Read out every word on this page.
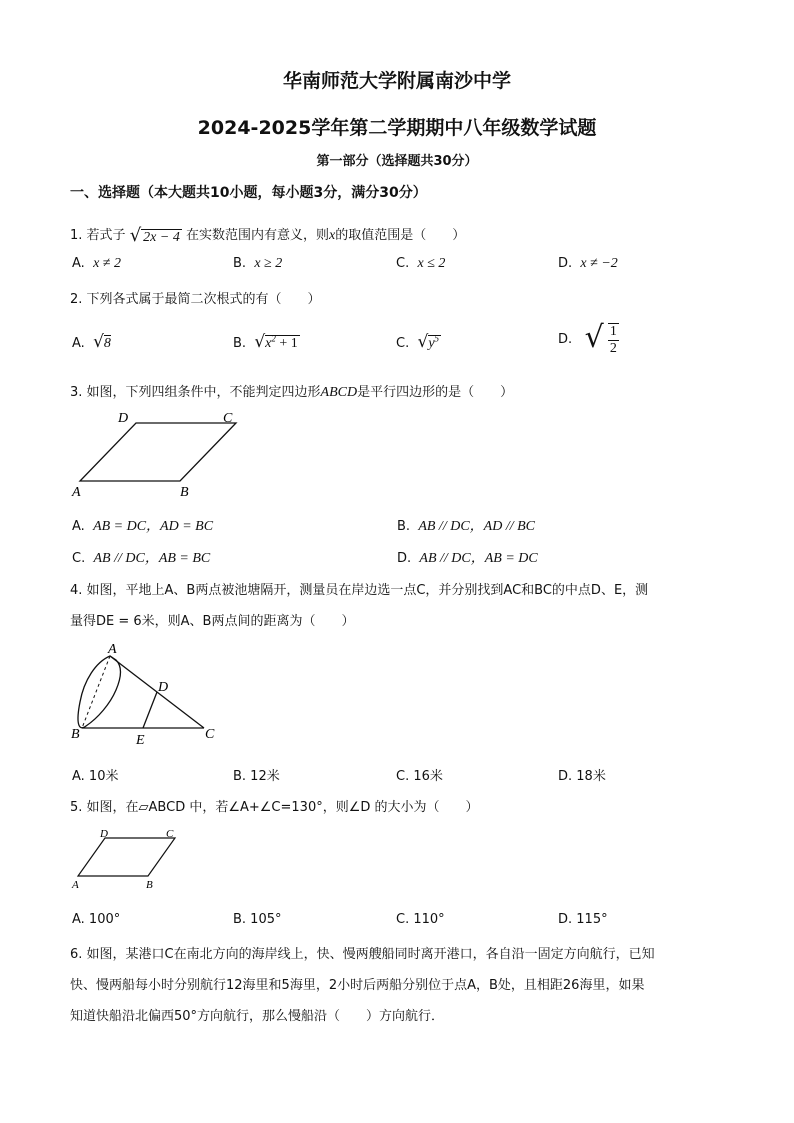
华南师范大学附属南沙中学
2024-2025学年第二学期期中八年级数学试题
第一部分（选择题共30分）
一、选择题（本大题共10小题，每小题3分，满分30分）
1. 若式子 √ 2x − 4 在实数范围内有意义，则x的取值范围是（　　）
A. x ≠ 2	B. x ≥ 2	C. x ≤ 2	D. x ≠ −2
2. 下列各式属于最简二次根式的有（　　）
A. √8	B. $√x^2 + 1$	C. $√y^5$	D. √ $\frac{1}{2}$
3. 如图，下列四组条件中，不能判定四边形ABCD是平行四边形的是（　　）
D	C
A	B
A. AB = DC，AD = BC	B. AB // DC，AD // BC
C. AB // DC，AB = BC	D. AB // DC，AB = DC
4. 如图，平地上A、B两点被池塘隔开，测量员在岸边选一点C，并分别找到AC和BC的中点D、E，测
量得DE = 6米，则A、B两点间的距离为（　　）
A
D
B	E	C
A. 10米	B. 12米	C. 16米	D. 18米
5. 如图，在▱ABCD 中，若∠A+∠C=130°，则∠D 的大小为（　　）
D	C
A	B
A. 100°	B. 105°	C. 110°	D. 115°
6. 如图，某港口C在南北方向的海岸线上，快、慢两艘船同时离开港口，各自沿一固定方向航行，已知
快、慢两船每小时分别航行12海里和5海里，2小时后两船分别位于点A，B处，且相距26海里，如果
知道快船沿北偏西50°方向航行，那么慢船沿（　　）方向航行．
